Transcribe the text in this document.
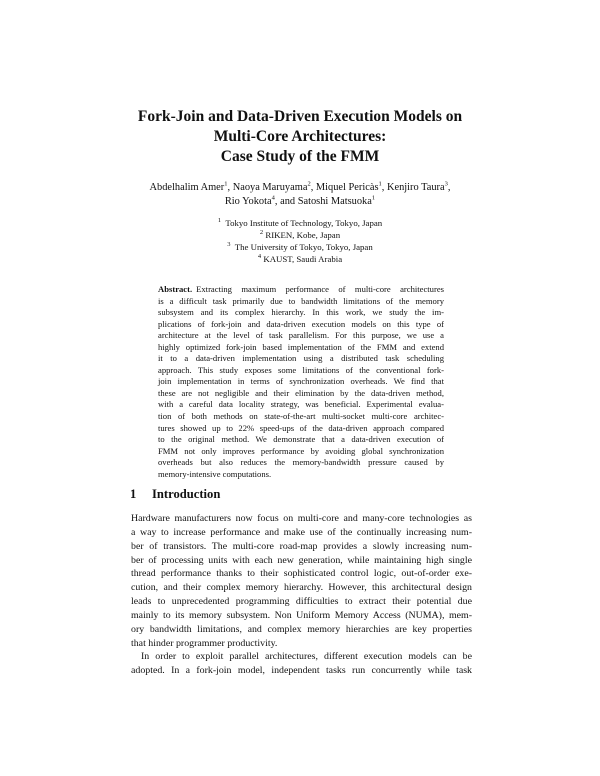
Fork-Join and Data-Driven Execution Models on
Multi-Core Architectures:
Case Study of the FMM
Abdelhalim Amer$^1$, Naoya Maruyama$^2$, Miquel Pericàs$^1$, Kenjiro Taura$^3$,
Rio Yokota$^4$, and Satoshi Matsuoka$^1$
$^1$ Tokyo Institute of Technology, Tokyo, Japan
$^2$ RIKEN, Kobe, Japan
$^3$ The University of Tokyo, Tokyo, Japan
$^4$ KAUST, Saudi Arabia
Abstract. Extracting maximum performance of multi-core architectures
is a difficult task primarily due to bandwidth limitations of the memory
subsystem and its complex hierarchy. In this work, we study the im-
plications of fork-join and data-driven execution models on this type of
architecture at the level of task parallelism. For this purpose, we use a
highly optimized fork-join based implementation of the FMM and extend
it to a data-driven implementation using a distributed task scheduling
approach. This study exposes some limitations of the conventional fork-
join implementation in terms of synchronization overheads. We find that
these are not negligible and their elimination by the data-driven method,
with a careful data locality strategy, was beneficial. Experimental evalua-
tion of both methods on state-of-the-art multi-socket multi-core architec-
tures showed up to 22% speed-ups of the data-driven approach compared
to the original method. We demonstrate that a data-driven execution of
FMM not only improves performance by avoiding global synchronization
overheads but also reduces the memory-bandwidth pressure caused by
memory-intensive computations.
1 Introduction
Hardware manufacturers now focus on multi-core and many-core technologies as
a way to increase performance and make use of the continually increasing num-
ber of transistors. The multi-core road-map provides a slowly increasing num-
ber of processing units with each new generation, while maintaining high single
thread performance thanks to their sophisticated control logic, out-of-order exe-
cution, and their complex memory hierarchy. However, this architectural design
leads to unprecedented programming difficulties to extract their potential due
mainly to its memory subsystem. Non Uniform Memory Access (NUMA), mem-
ory bandwidth limitations, and complex memory hierarchies are key properties
that hinder programmer productivity.
In order to exploit parallel architectures, different execution models can be
adopted. In a fork-join model, independent tasks run concurrently while task
